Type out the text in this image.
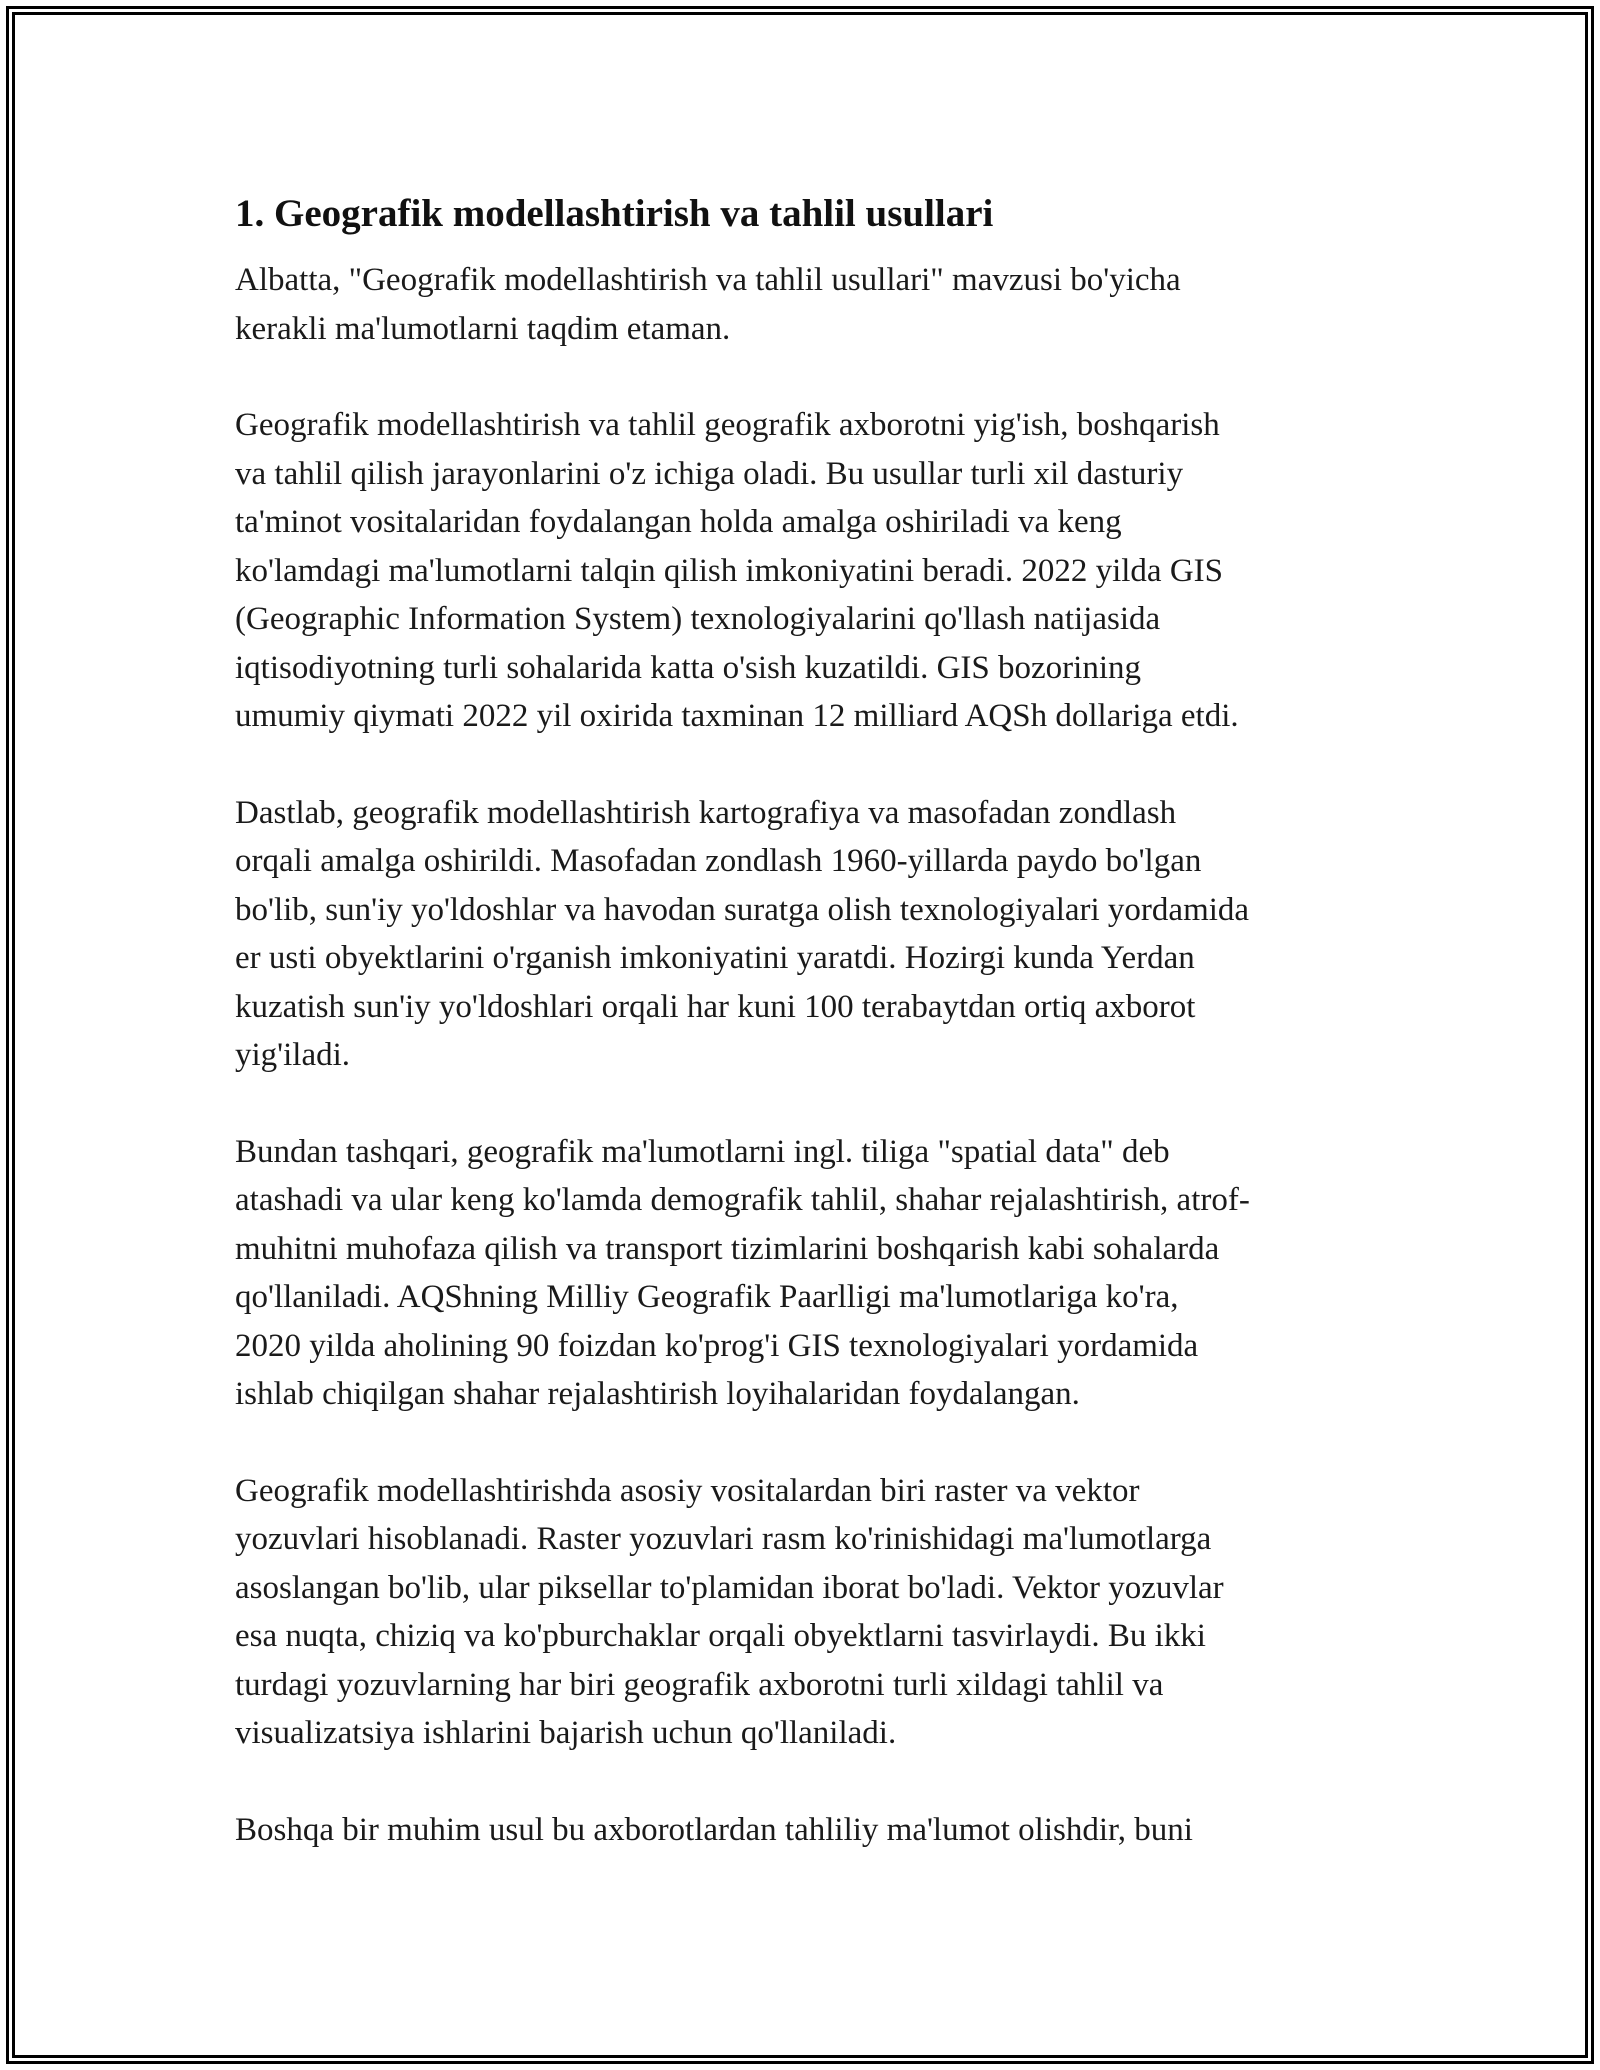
1. Geografik modellashtirish va tahlil usullari

Albatta, "Geografik modellashtirish va tahlil usullari" mavzusi bo'yicha
kerakli ma'lumotlarni taqdim etaman.

Geografik modellashtirish va tahlil geografik axborotni yig'ish, boshqarish
va tahlil qilish jarayonlarini o'z ichiga oladi. Bu usullar turli xil dasturiy
ta'minot vositalaridan foydalangan holda amalga oshiriladi va keng
ko'lamdagi ma'lumotlarni talqin qilish imkoniyatini beradi. 2022 yilda GIS
(Geographic Information System) texnologiyalarini qo'llash natijasida
iqtisodiyotning turli sohalarida katta o'sish kuzatildi. GIS bozorining
umumiy qiymati 2022 yil oxirida taxminan 12 milliard AQSh dollariga etdi.

Dastlab, geografik modellashtirish kartografiya va masofadan zondlash
orqali amalga oshirildi. Masofadan zondlash 1960-yillarda paydo bo'lgan
bo'lib, sun'iy yo'ldoshlar va havodan suratga olish texnologiyalari yordamida
er usti obyektlarini o'rganish imkoniyatini yaratdi. Hozirgi kunda Yerdan
kuzatish sun'iy yo'ldoshlari orqali har kuni 100 terabaytdan ortiq axborot
yig'iladi.

Bundan tashqari, geografik ma'lumotlarni ingl. tiliga "spatial data" deb
atashadi va ular keng ko'lamda demografik tahlil, shahar rejalashtirish, atrof-
muhitni muhofaza qilish va transport tizimlarini boshqarish kabi sohalarda
qo'llaniladi. AQShning Milliy Geografik Paarlligi ma'lumotlariga ko'ra,
2020 yilda aholining 90 foizdan ko'prog'i GIS texnologiyalari yordamida
ishlab chiqilgan shahar rejalashtirish loyihalaridan foydalangan.

Geografik modellashtirishda asosiy vositalardan biri raster va vektor
yozuvlari hisoblanadi. Raster yozuvlari rasm ko'rinishidagi ma'lumotlarga
asoslangan bo'lib, ular piksellar to'plamidan iborat bo'ladi. Vektor yozuvlar
esa nuqta, chiziq va ko'pburchaklar orqali obyektlarni tasvirlaydi. Bu ikki
turdagi yozuvlarning har biri geografik axborotni turli xildagi tahlil va
visualizatsiya ishlarini bajarish uchun qo'llaniladi.

Boshqa bir muhim usul bu axborotlardan tahliliy ma'lumot olishdir, buni
